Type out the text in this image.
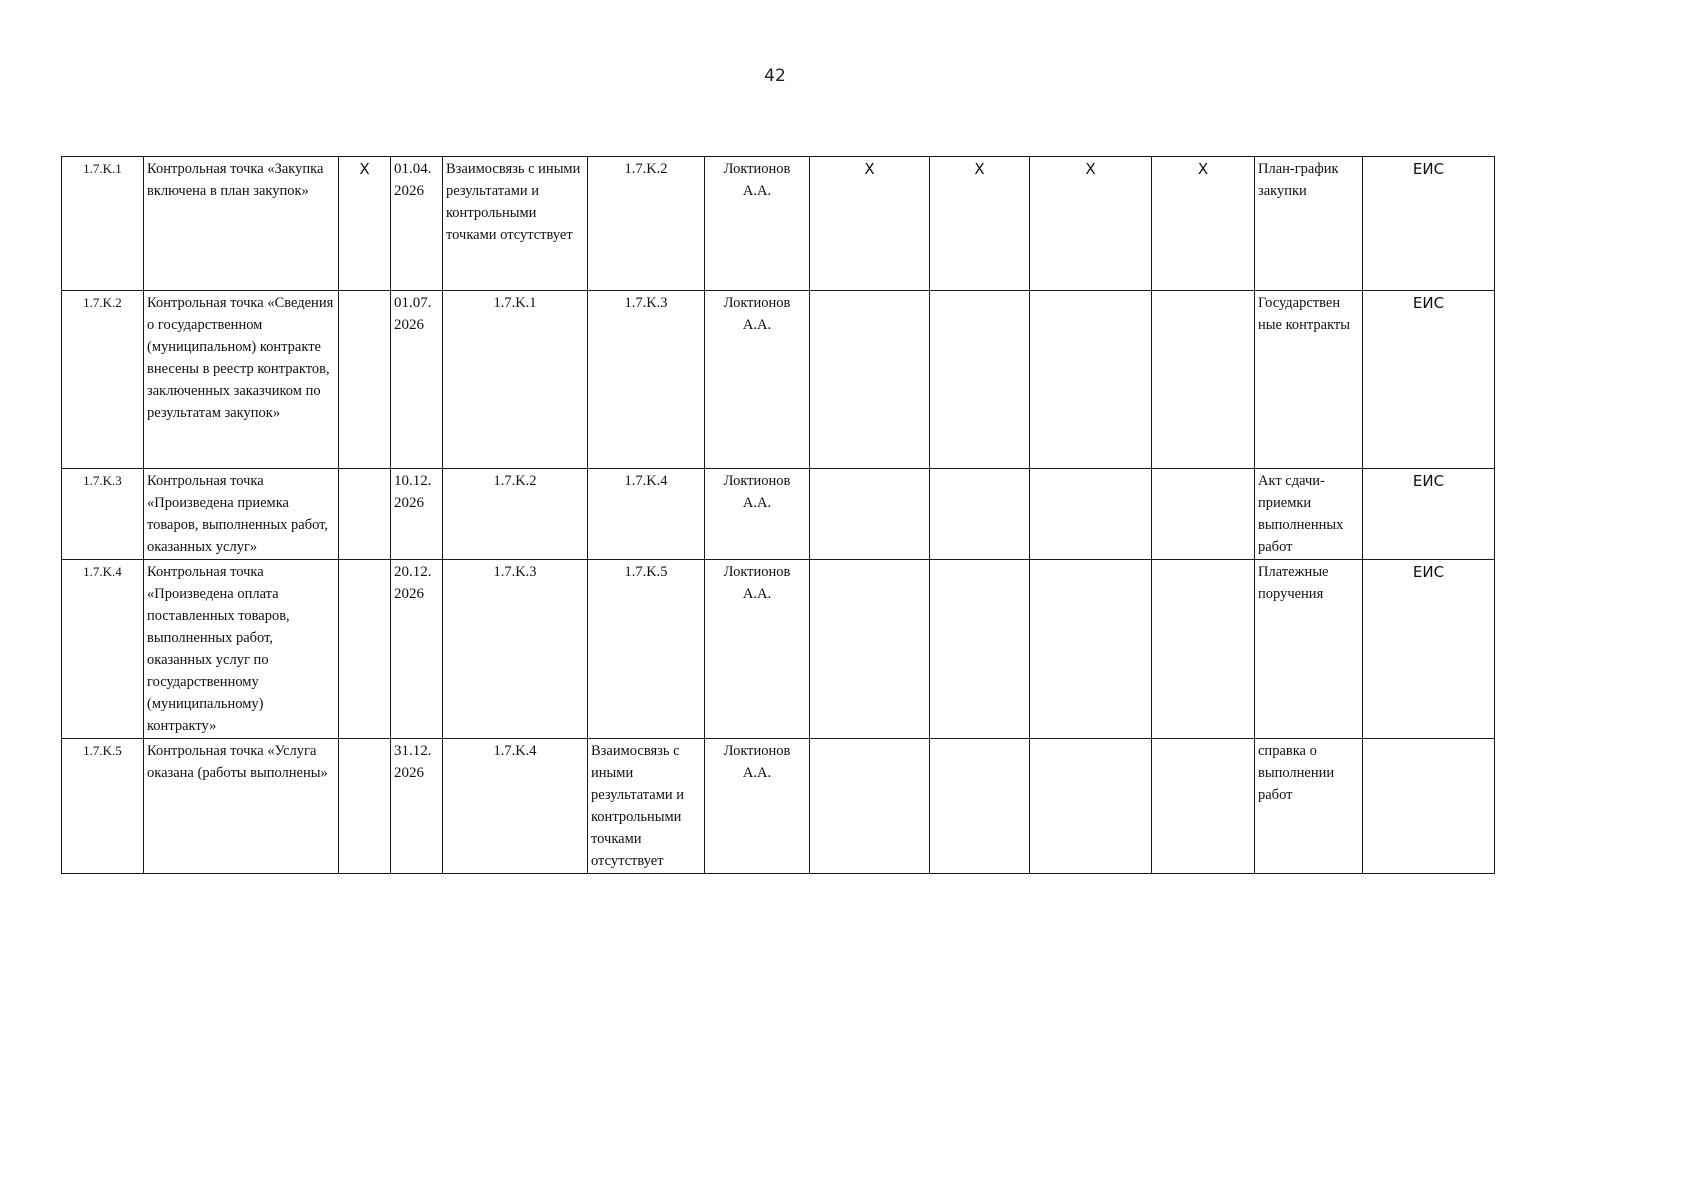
42
1.7.K.1	Контрольная точка «Закупка включена в план закупок»	X	01.04. 2026	Взаимосвязь с иными результатами и контрольными точками отсутствует	1.7.K.2	Локтионов А.А.	X	X	X	X	План-график закупки	ЕИС
1.7.K.2	Контрольная точка «Сведения о государственном (муниципальном) контракте внесены в реестр контрактов, заключенных заказчиком по результатам закупок»		01.07. 2026	1.7.K.1	1.7.K.3	Локтионов А.А.					Государствен ные контракты	ЕИС
1.7.K.3	Контрольная точка «Произведена приемка товаров, выполненных работ, оказанных услуг»		10.12. 2026	1.7.K.2	1.7.K.4	Локтионов А.А.					Акт сдачи-приемки выполненных работ	ЕИС
1.7.K.4	Контрольная точка «Произведена оплата поставленных товаров, выполненных работ, оказанных услуг по государственному (муниципальному) контракту»		20.12. 2026	1.7.K.3	1.7.K.5	Локтионов А.А.					Платежные поручения	ЕИС
1.7.K.5	Контрольная точка «Услуга оказана (работы выполнены»		31.12. 2026	1.7.K.4	Взаимосвязь с иными результатами и контрольными точками отсутствует	Локтионов А.А.					справка о выполнении работ	
